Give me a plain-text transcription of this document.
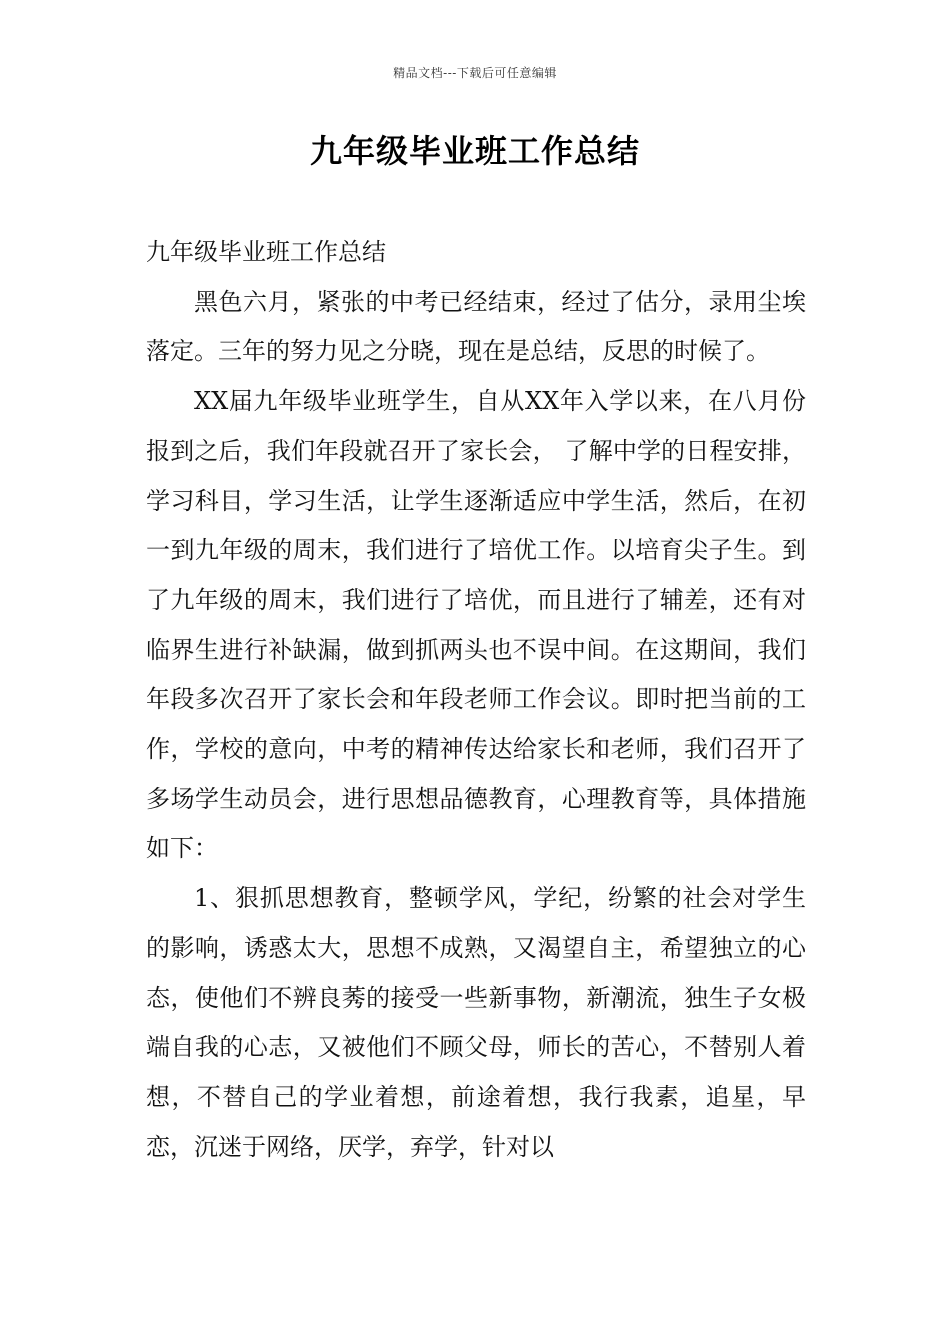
精品文档---下载后可任意编辑
九年级毕业班工作总结

九年级毕业班工作总结

黑色六月，紧张的中考已经结束，经过了估分，录用尘埃落定。三年的努力见之分晓，现在是总结，反思的时候了。

XX届九年级毕业班学生，自从XX年入学以来，在八月份报到之后，我们年段就召开了家长会， 了解中学的日程安排，学习科目，学习生活，让学生逐渐适应中学生活，然后，在初一到九年级的周末，我们进行了培优工作。以培育尖子生。到了九年级的周末，我们进行了培优，而且进行了辅差，还有对临界生进行补缺漏，做到抓两头也不误中间。在这期间，我们年段多次召开了家长会和年段老师工作会议。即时把当前的工作，学校的意向，中考的精神传达给家长和老师，我们召开了多场学生动员会，进行思想品德教育，心理教育等，具体措施如下：

1、狠抓思想教育，整顿学风，学纪，纷繁的社会对学生的影响，诱惑太大，思想不成熟，又渴望自主，希望独立的心态，使他们不辨良莠的接受一些新事物，新潮流，独生子女极端自我的心志，又被他们不顾父母，师长的苦心，不替别人着想，不替自己的学业着想，前途着想，我行我素，追星，早恋，沉迷于网络，厌学，弃学，针对以
